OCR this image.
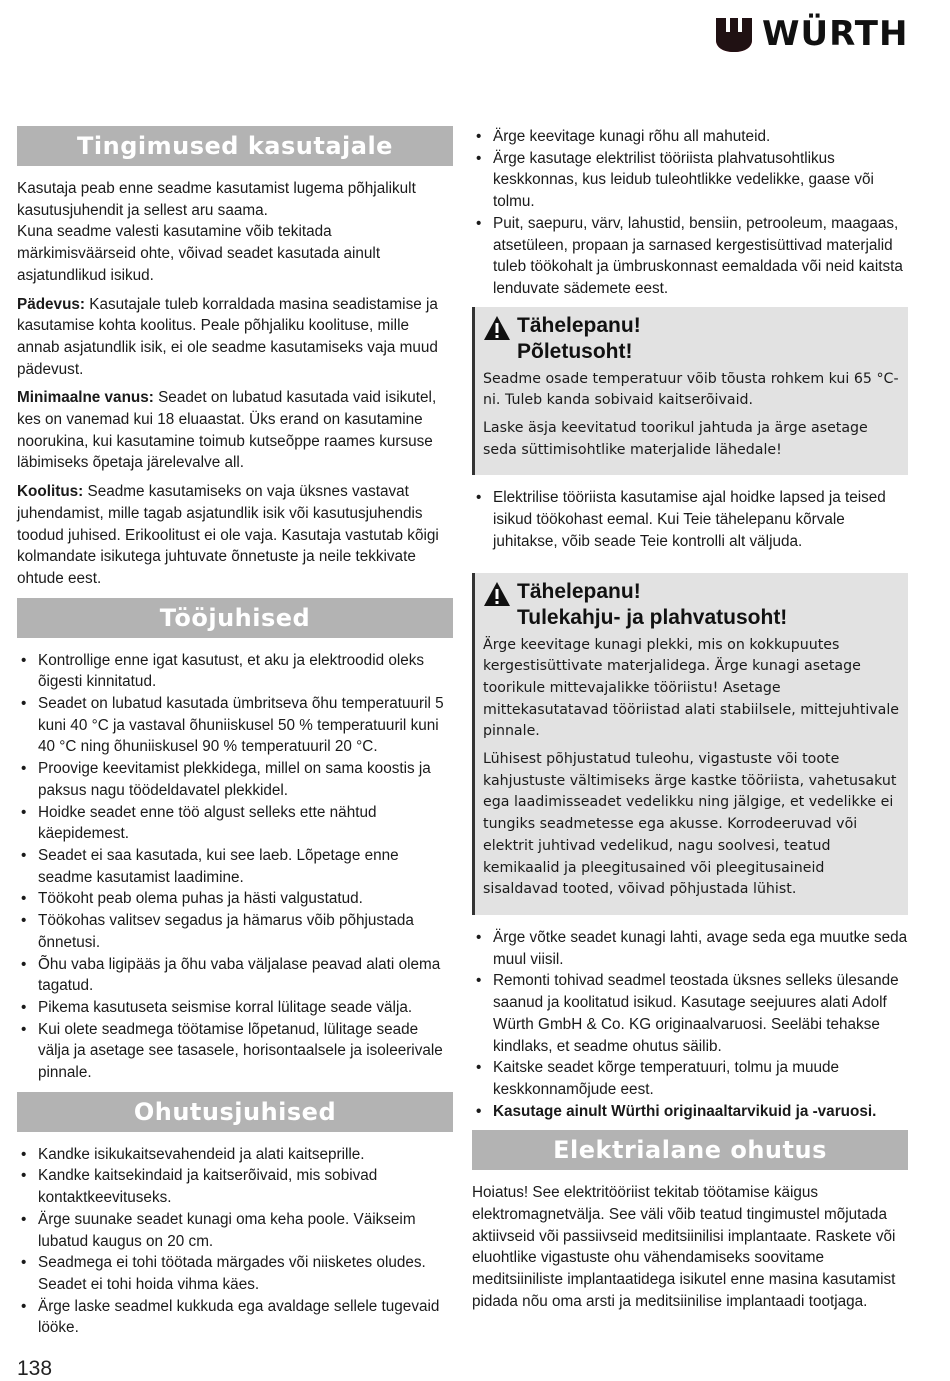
WÜRTH
Tingimused kasutajale

Kasutaja peab enne seadme kasutamist lugema põhjalikult kasutusjuhendit ja sellest aru saama.
Kuna seadme valesti kasutamine võib tekitada märkimisväärseid ohte, võivad seadet kasutada ainult asjatundlikud isikud.

Pädevus: Kasutajale tuleb korraldada masina seadistamise ja kasutamise kohta koolitus. Peale põhjaliku koolituse, mille annab asjatundlik isik, ei ole seadme kasutamiseks vaja muud pädevust.

Minimaalne vanus: Seadet on lubatud kasutada vaid isikutel, kes on vanemad kui 18 eluaastat. Üks erand on kasutamine noorukina, kui kasutamine toimub kutseõppe raames kursuse läbimiseks õpetaja järelevalve all.

Koolitus: Seadme kasutamiseks on vaja üksnes vastavat juhendamist, mille tagab asjatundlik isik või kasutusjuhendis toodud juhised. Erikoolitust ei ole vaja. Kasutaja vastutab kõigi kolmandate isikutega juhtuvate õnnetuste ja neile tekkivate ohtude eest.

Tööjuhised
• Kontrollige enne igat kasutust, et aku ja elektroodid oleks õigesti kinnitatud.
• Seadet on lubatud kasutada ümbritseva õhu temperatuuril 5 kuni 40 °C ja vastaval õhuniiskusel 50 % temperatuuril kuni 40 °C ning õhuniiskusel 90 % temperatuuril 20 °C.
• Proovige keevitamist plekkidega, millel on sama koostis ja paksus nagu töödeldavatel plekkidel.
• Hoidke seadet enne töö algust selleks ette nähtud käepidemest.
• Seadet ei saa kasutada, kui see laeb. Lõpetage enne seadme kasutamist laadimine.
• Töökoht peab olema puhas ja hästi valgustatud.
• Töökohas valitsev segadus ja hämarus võib põhjustada õnnetusi.
• Õhu vaba ligipääs ja õhu vaba väljalase peavad alati olema tagatud.
• Pikema kasutuseta seismise korral lülitage seade välja.
• Kui olete seadmega töötamise lõpetanud, lülitage seade välja ja asetage see tasasele, horisontaalsele ja isoleerivale pinnale.
Ohutusjuhised
• Kandke isikukaitsevahendeid ja alati kaitseprille.
• Kandke kaitsekindaid ja kaitserõivaid, mis sobivad kontaktkeevituseks.
• Ärge suunake seadet kunagi oma keha poole. Väikseim lubatud kaugus on 20 cm.
• Seadmega ei tohi töötada märgades või niisketes oludes. Seadet ei tohi hoida vihma käes.
• Ärge laske seadmel kukkuda ega avaldage sellele tugevaid lööke.
• Ärge keevitage kunagi rõhu all mahuteid.
• Ärge kasutage elektrilist tööriista plahvatusohtlikus keskkonnas, kus leidub tuleohtlikke vedelikke, gaase või tolmu.
• Puit, saepuru, värv, lahustid, bensiin, petrooleum, maagaas, atsetüleen, propaan ja sarnased kergestisüttivad materjalid tuleb töökohalt ja ümbruskonnast eemaldada või neid kaitsta lenduvate sädemete eest.
Tähelepanu!
Põletusoht!

Seadme osade temperatuur võib tõusta rohkem kui 65 °C-ni. Tuleb kanda sobivaid kaitserõivaid.

Laske äsja keevitatud toorikul jahtuda ja ärge asetage seda süttimisohtlike materjalide lähedale!

• Elektrilise tööriista kasutamise ajal hoidke lapsed ja teised isikud töökohast eemal. Kui Teie tähelepanu kõrvale juhitakse, võib seade Teie kontrolli alt väljuda.
Tähelepanu!
Tulekahju- ja plahvatusoht!

Ärge keevitage kunagi plekki, mis on kokkupuutes kergestisüttivate materjalidega. Ärge kunagi asetage toorikule mittevajalikke tööriistu! Asetage mittekasutatavad tööriistad alati stabiilsele, mittejuhtivale pinnale.

Lühisest põhjustatud tuleohu, vigastuste või toote kahjustuste vältimiseks ärge kastke tööriista, vahetusakut ega laadimisseadet vedelikku ning jälgige, et vedelikke ei tungiks seadmetesse ega akusse. Korrodeeruvad või elektrit juhtivad vedelikud, nagu soolvesi, teatud kemikaalid ja pleegitusained või pleegitusaineid sisaldavad tooted, võivad põhjustada lühist.

• Ärge võtke seadet kunagi lahti, avage seda ega muutke seda muul viisil.
• Remonti tohivad seadmel teostada üksnes selleks ülesande saanud ja koolitatud isikud. Kasutage seejuures alati Adolf Würth GmbH & Co. KG originaalvaruosi. Seeläbi tehakse kindlaks, et seadme ohutus säilib.
• Kaitske seadet kõrge temperatuuri, tolmu ja muude keskkonnamõjude eest.
• Kasutage ainult Würthi originaaltarvikuid ja -varuosi.
Elektrialane ohutus

Hoiatus! See elektritööriist tekitab töötamise käigus elektromagnetvälja. See väli võib teatud tingimustel mõjutada aktiivseid või passiivseid meditsiinilisi implantaate. Raskete või eluohtlike vigastuste ohu vähendamiseks soovitame meditsiiniliste implantaatidega isikutel enne masina kasutamist pidada nõu oma arsti ja meditsiinilise implantaadi tootjaga.

138
